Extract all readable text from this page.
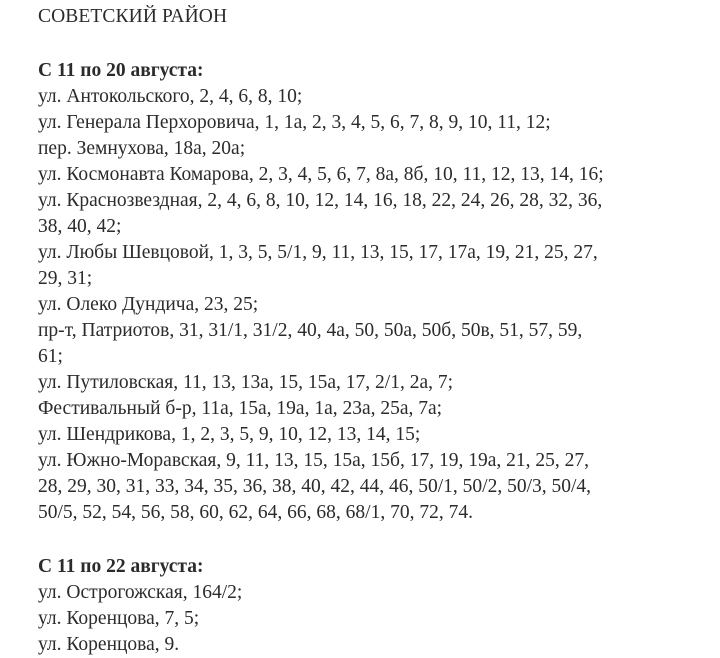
СОВЕТСКИЙ РАЙОН

С 11 по 20 августа:

ул. Антокольского, 2, 4, 6, 8, 10;
ул. Генерала Перхоровича, 1, 1а, 2, 3, 4, 5, 6, 7, 8, 9, 10, 11, 12;
пер. Земнухова, 18а, 20а;
ул. Космонавта Комарова, 2, 3, 4, 5, 6, 7, 8а, 8б, 10, 11, 12, 13, 14, 16;
ул. Краснозвездная, 2, 4, 6, 8, 10, 12, 14, 16, 18, 22, 24, 26, 28, 32, 36,
38, 40, 42;
ул. Любы Шевцовой, 1, 3, 5, 5/1, 9, 11, 13, 15, 17, 17а, 19, 21, 25, 27,
29, 31;
ул. Олеко Дундича, 23, 25;
пр-т, Патриотов, 31, 31/1, 31/2, 40, 4а, 50, 50а, 50б, 50в, 51, 57, 59,
61;
ул. Путиловская, 11, 13, 13а, 15, 15а, 17, 2/1, 2а, 7;
Фестивальный б-р, 11а, 15а, 19а, 1а, 23а, 25а, 7а;
ул. Шендрикова, 1, 2, 3, 5, 9, 10, 12, 13, 14, 15;
ул. Южно-Моравская, 9, 11, 13, 15, 15а, 15б, 17, 19, 19а, 21, 25, 27,
28, 29, 30, 31, 33, 34, 35, 36, 38, 40, 42, 44, 46, 50/1, 50/2, 50/3, 50/4,
50/5, 52, 54, 56, 58, 60, 62, 64, 66, 68, 68/1, 70, 72, 74.

С 11 по 22 августа:

ул. Острогожская, 164/2;
ул. Коренцова, 7, 5;
ул. Коренцова, 9.
